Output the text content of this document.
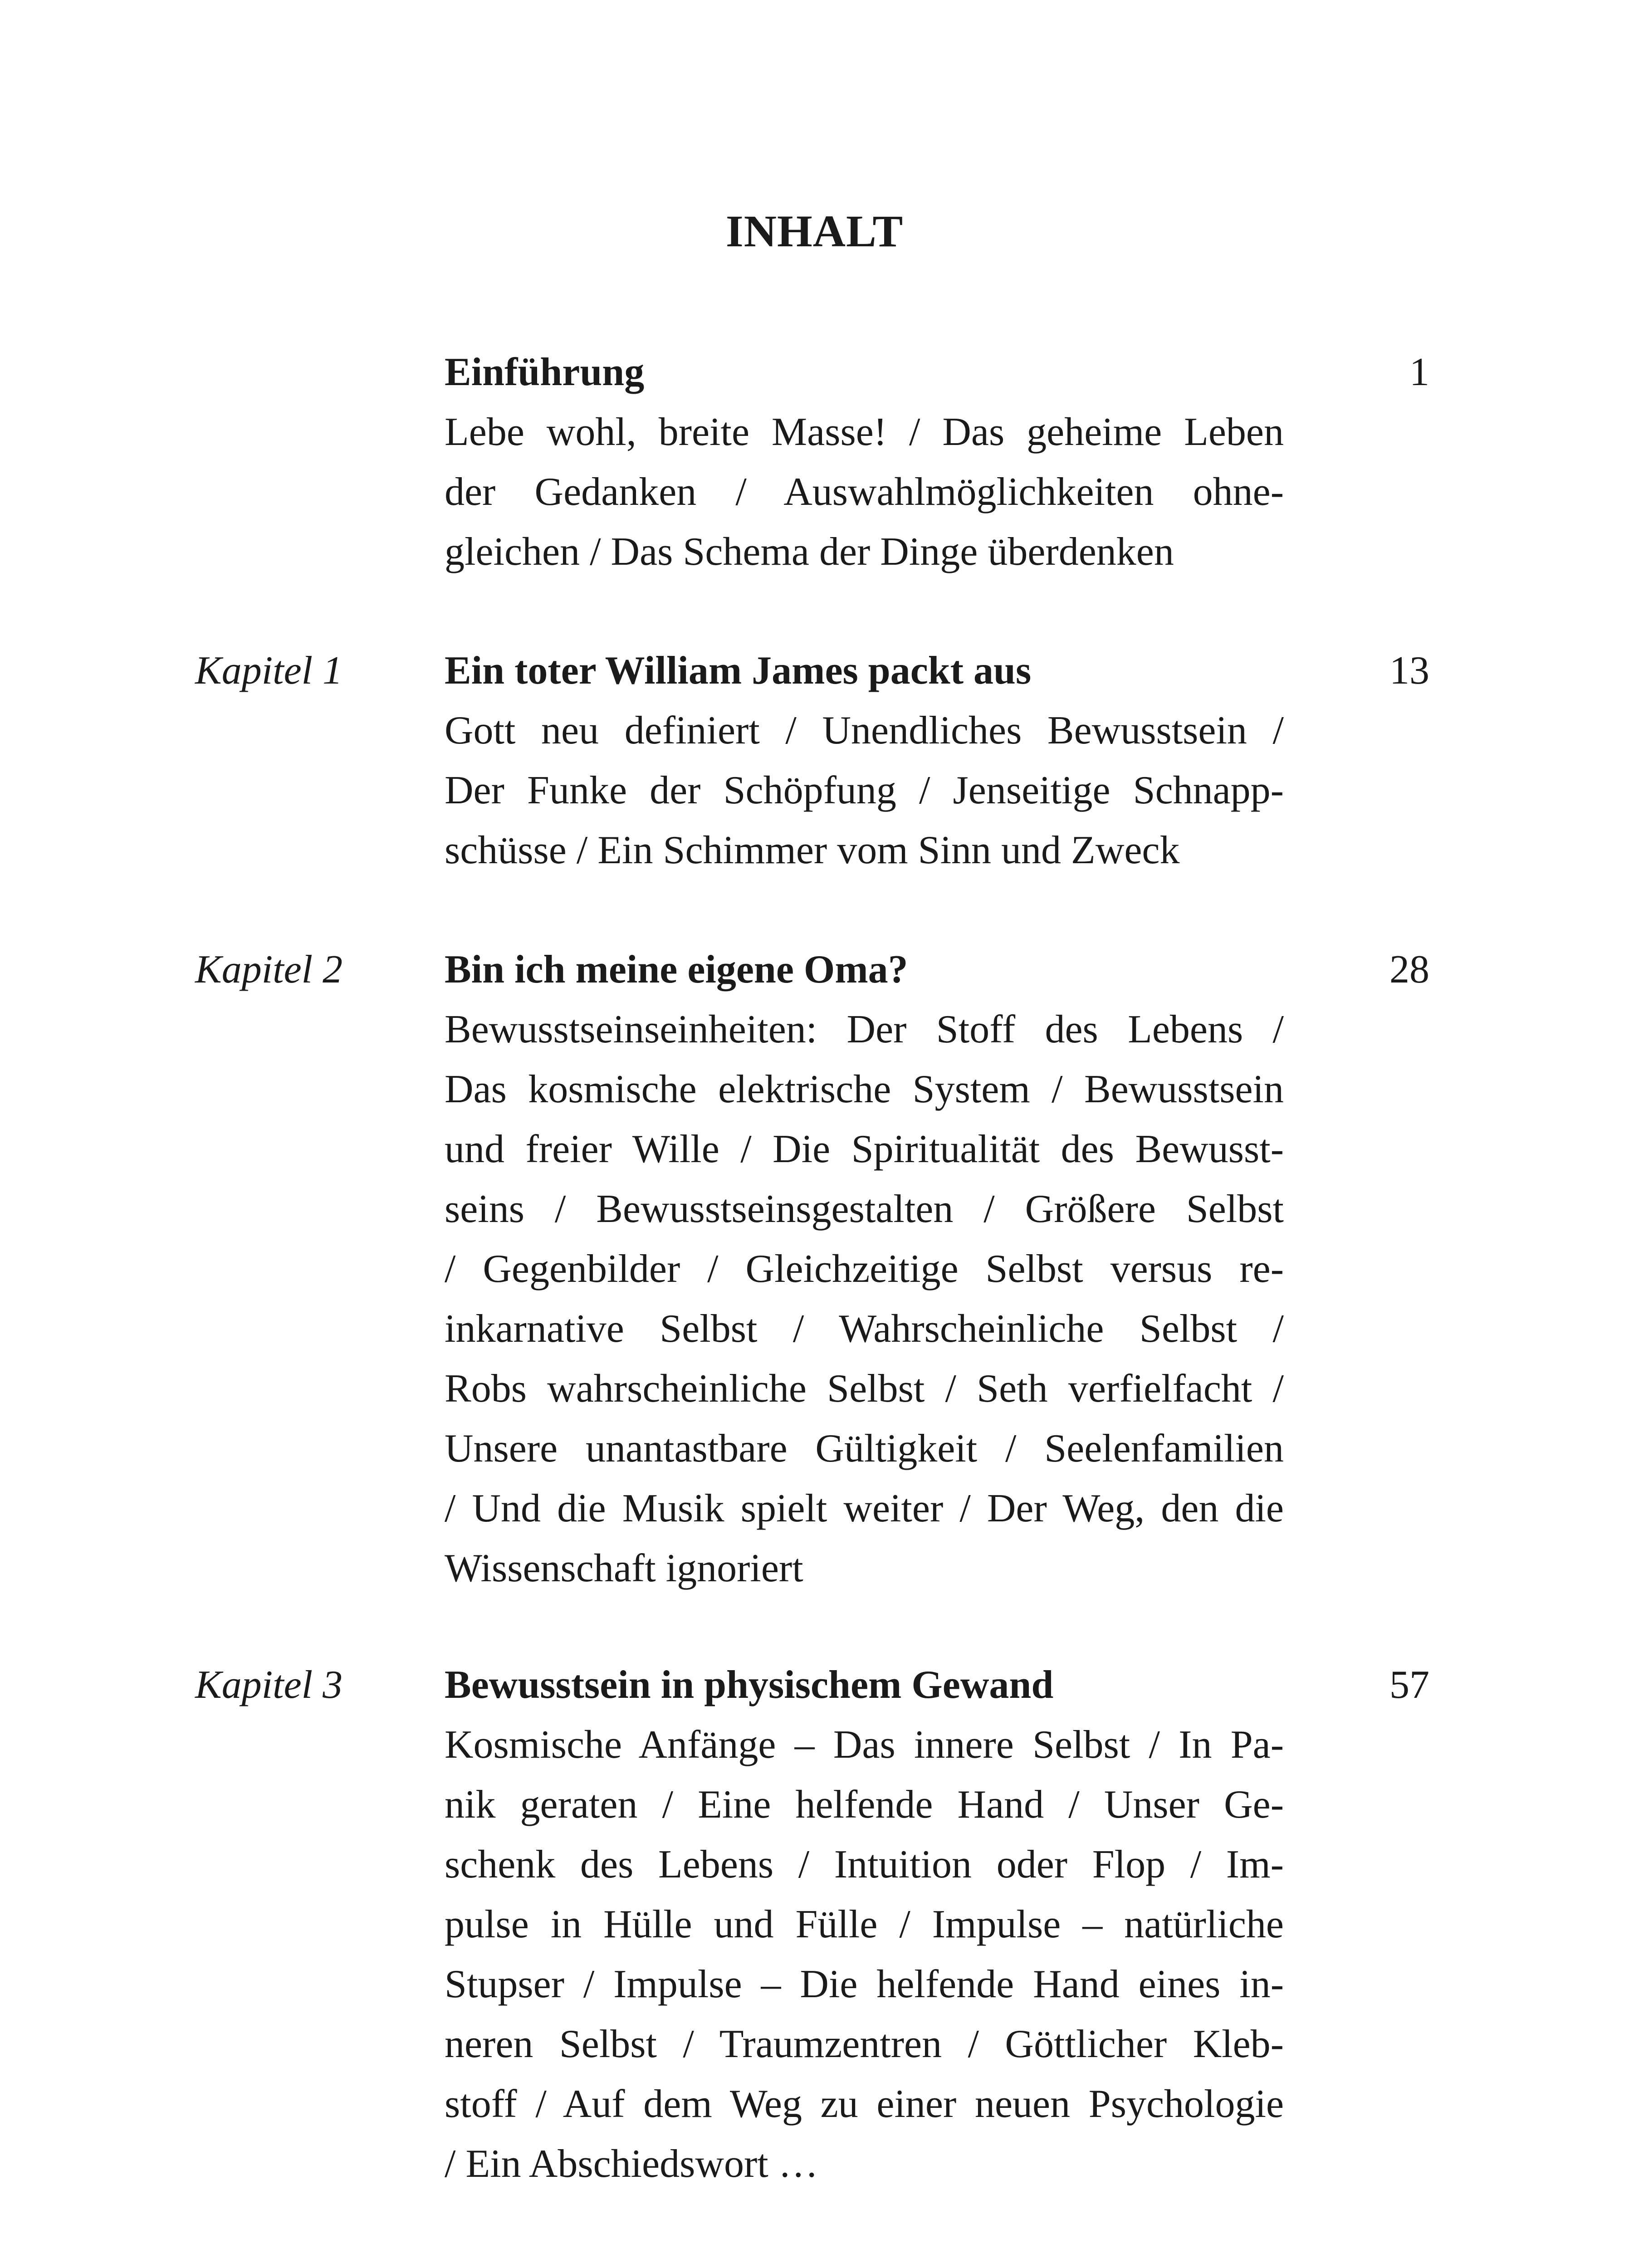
INHALT
Einführung	1
Lebe wohl, breite Masse! / Das geheime Leben
der Gedanken / Auswahlmöglichkeiten ohne-
gleichen / Das Schema der Dinge überdenken
Kapitel 1	Ein toter William James packt aus	13
Gott neu definiert / Unendliches Bewusstsein /
Der Funke der Schöpfung / Jenseitige Schnapp-
schüsse / Ein Schimmer vom Sinn und Zweck
Kapitel 2	Bin ich meine eigene Oma?	28
Bewusstseinseinheiten: Der Stoff des Lebens /
Das kosmische elektrische System / Bewusstsein
und freier Wille / Die Spiritualität des Bewusst-
seins / Bewusstseinsgestalten / Größere Selbst
/ Gegenbilder / Gleichzeitige Selbst versus re-
inkarnative Selbst / Wahrscheinliche Selbst /
Robs wahrscheinliche Selbst / Seth verfielfacht /
Unsere unantastbare Gültigkeit / Seelenfamilien
/ Und die Musik spielt weiter / Der Weg, den die
Wissenschaft ignoriert
Kapitel 3	Bewusstsein in physischem Gewand	57
Kosmische Anfänge – Das innere Selbst / In Pa-
nik geraten / Eine helfende Hand / Unser Ge-
schenk des Lebens / Intuition oder Flop / Im-
pulse in Hülle und Fülle / Impulse – natürliche
Stupser / Impulse – Die helfende Hand eines in-
neren Selbst / Traumzentren / Göttlicher Kleb-
stoff / Auf dem Weg zu einer neuen Psychologie
/ Ein Abschiedswort …
